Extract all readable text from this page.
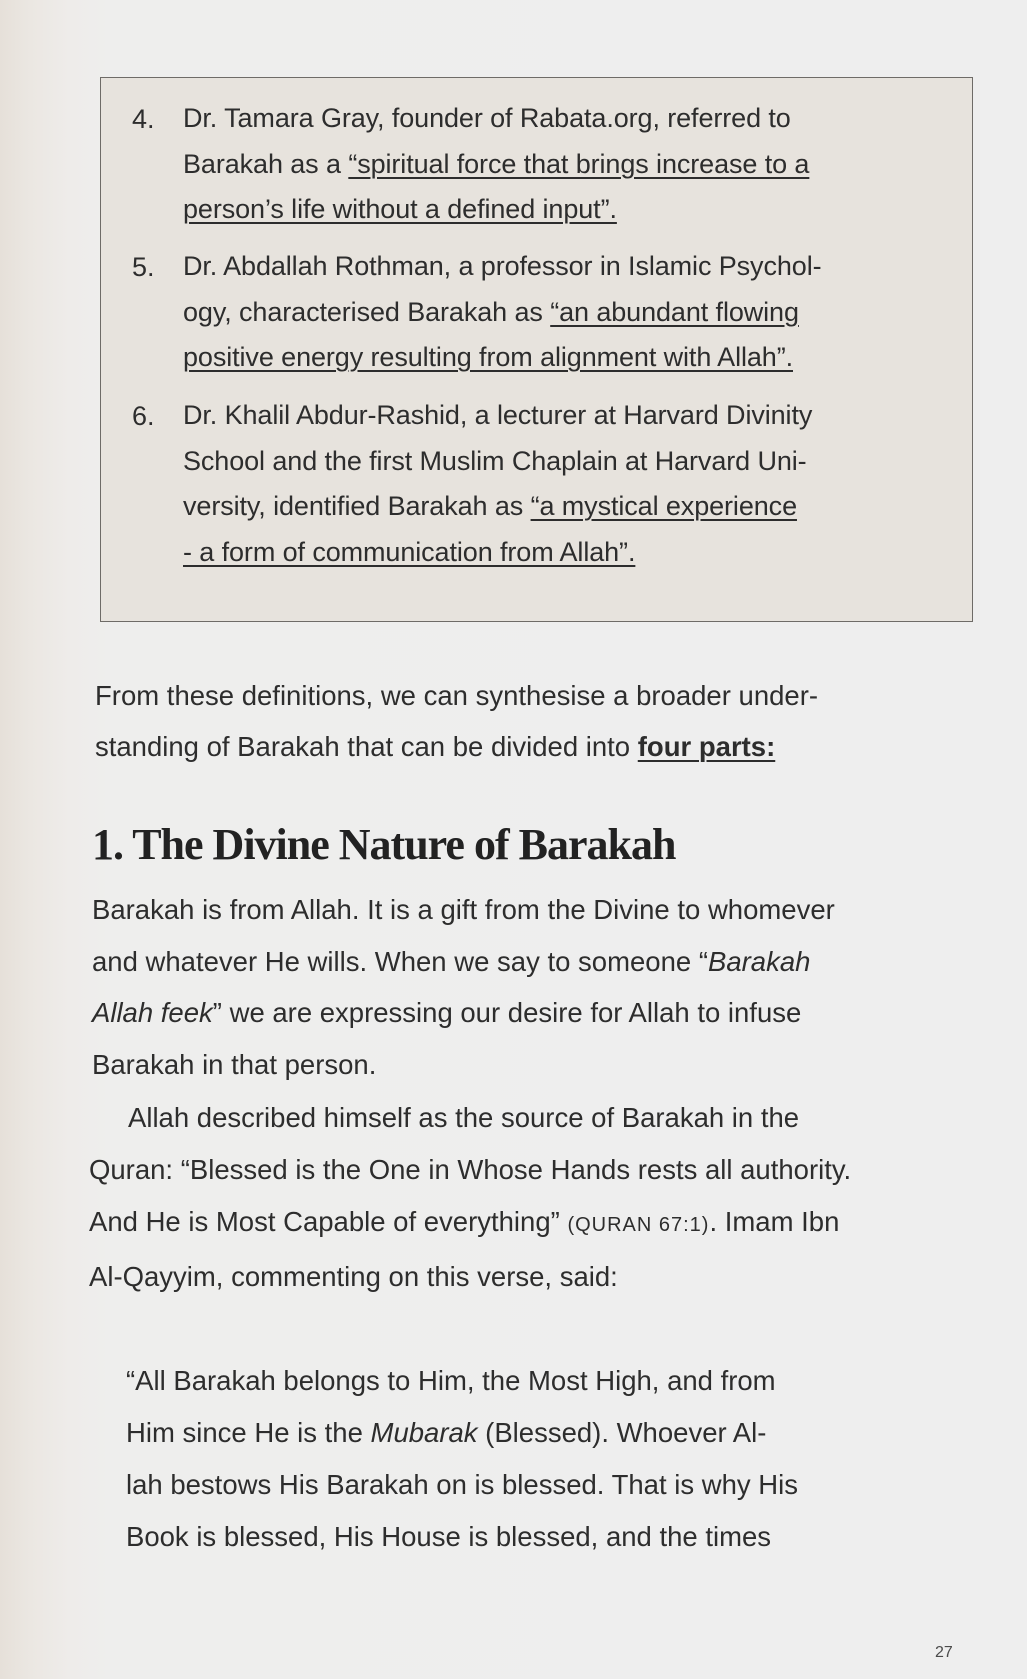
4. Dr. Tamara Gray, founder of Rabata.org, referred to
Barakah as a “spiritual force that brings increase to a
person’s life without a defined input”.
5. Dr. Abdallah Rothman, a professor in Islamic Psychol-
ogy, characterised Barakah as “an abundant flowing
positive energy resulting from alignment with Allah”.
6. Dr. Khalil Abdur-Rashid, a lecturer at Harvard Divinity
School and the first Muslim Chaplain at Harvard Uni-
versity, identified Barakah as “a mystical experience
- a form of communication from Allah”.
From these definitions, we can synthesise a broader under-
standing of Barakah that can be divided into four parts:
1. The Divine Nature of Barakah
Barakah is from Allah. It is a gift from the Divine to whomever
and whatever He wills. When we say to someone “Barakah
Allah feek” we are expressing our desire for Allah to infuse
Barakah in that person.
Allah described himself as the source of Barakah in the
Quran: “Blessed is the One in Whose Hands rests all authority.
And He is Most Capable of everything” (QURAN 67:1). Imam Ibn
Al-Qayyim, commenting on this verse, said:
“All Barakah belongs to Him, the Most High, and from
Him since He is the Mubarak (Blessed). Whoever Al-
lah bestows His Barakah on is blessed. That is why His
Book is blessed, His House is blessed, and the times
27
